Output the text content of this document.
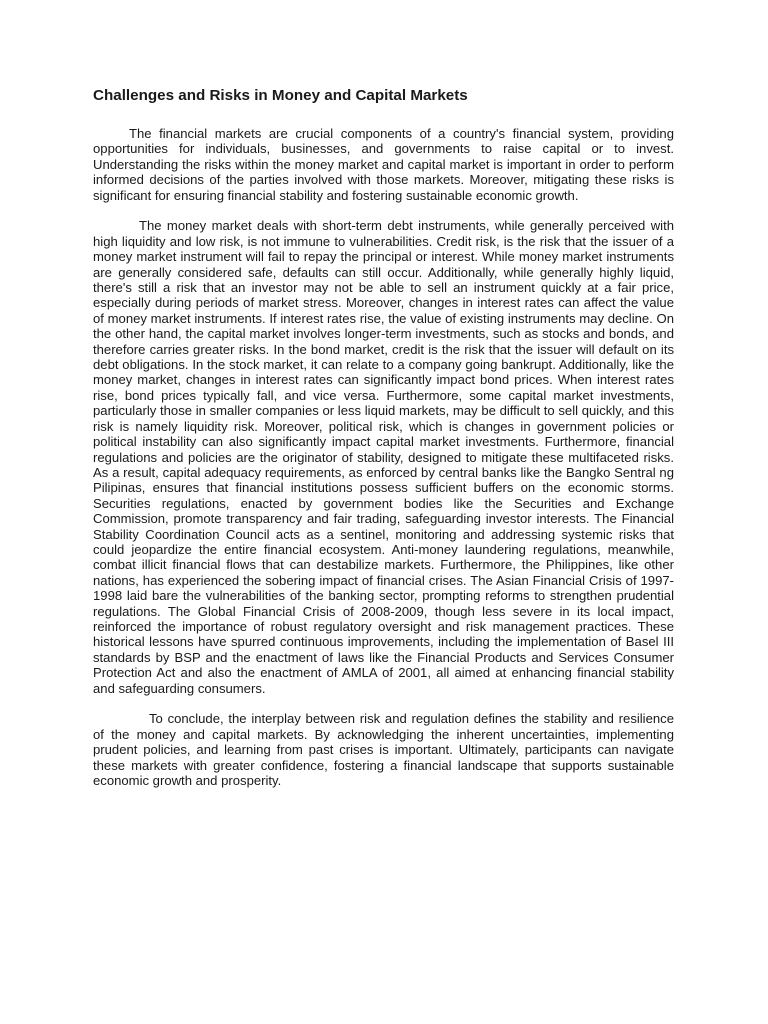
Challenges and Risks in Money and Capital Markets

The financial markets are crucial components of a country's financial system, providing opportunities for individuals, businesses, and governments to raise capital or to invest. Understanding the risks within the money market and capital market is important in order to perform informed decisions of the parties involved with those markets. Moreover, mitigating these risks is significant for ensuring financial stability and fostering sustainable economic growth.

The money market deals with short-term debt instruments, while generally perceived with high liquidity and low risk, is not immune to vulnerabilities. Credit risk, is the risk that the issuer of a money market instrument will fail to repay the principal or interest. While money market instruments are generally considered safe, defaults can still occur. Additionally, while generally highly liquid, there's still a risk that an investor may not be able to sell an instrument quickly at a fair price, especially during periods of market stress. Moreover, changes in interest rates can affect the value of money market instruments. If interest rates rise, the value of existing instruments may decline. On the other hand, the capital market involves longer-term investments, such as stocks and bonds, and therefore carries greater risks. In the bond market, credit is the risk that the issuer will default on its debt obligations. In the stock market, it can relate to a company going bankrupt. Additionally, like the money market, changes in interest rates can significantly impact bond prices. When interest rates rise, bond prices typically fall, and vice versa. Furthermore, some capital market investments, particularly those in smaller companies or less liquid markets, may be difficult to sell quickly, and this risk is namely liquidity risk. Moreover, political risk, which is changes in government policies or political instability can also significantly impact capital market investments. Furthermore, financial regulations and policies are the originator of stability, designed to mitigate these multifaceted risks. As a result, capital adequacy requirements, as enforced by central banks like the Bangko Sentral ng Pilipinas, ensures that financial institutions possess sufficient buffers on the economic storms. Securities regulations, enacted by government bodies like the Securities and Exchange Commission, promote transparency and fair trading, safeguarding investor interests. The Financial Stability Coordination Council acts as a sentinel, monitoring and addressing systemic risks that could jeopardize the entire financial ecosystem. Anti-money laundering regulations, meanwhile, combat illicit financial flows that can destabilize markets. Furthermore, the Philippines, like other nations, has experienced the sobering impact of financial crises. The Asian Financial Crisis of 1997-1998 laid bare the vulnerabilities of the banking sector, prompting reforms to strengthen prudential regulations. The Global Financial Crisis of 2008-2009, though less severe in its local impact, reinforced the importance of robust regulatory oversight and risk management practices. These historical lessons have spurred continuous improvements, including the implementation of Basel III standards by BSP and the enactment of laws like the Financial Products and Services Consumer Protection Act and also the enactment of AMLA of 2001, all aimed at enhancing financial stability and safeguarding consumers.

To conclude, the interplay between risk and regulation defines the stability and resilience of the money and capital markets. By acknowledging the inherent uncertainties, implementing prudent policies, and learning from past crises is important. Ultimately, participants can navigate these markets with greater confidence, fostering a financial landscape that supports sustainable economic growth and prosperity.
